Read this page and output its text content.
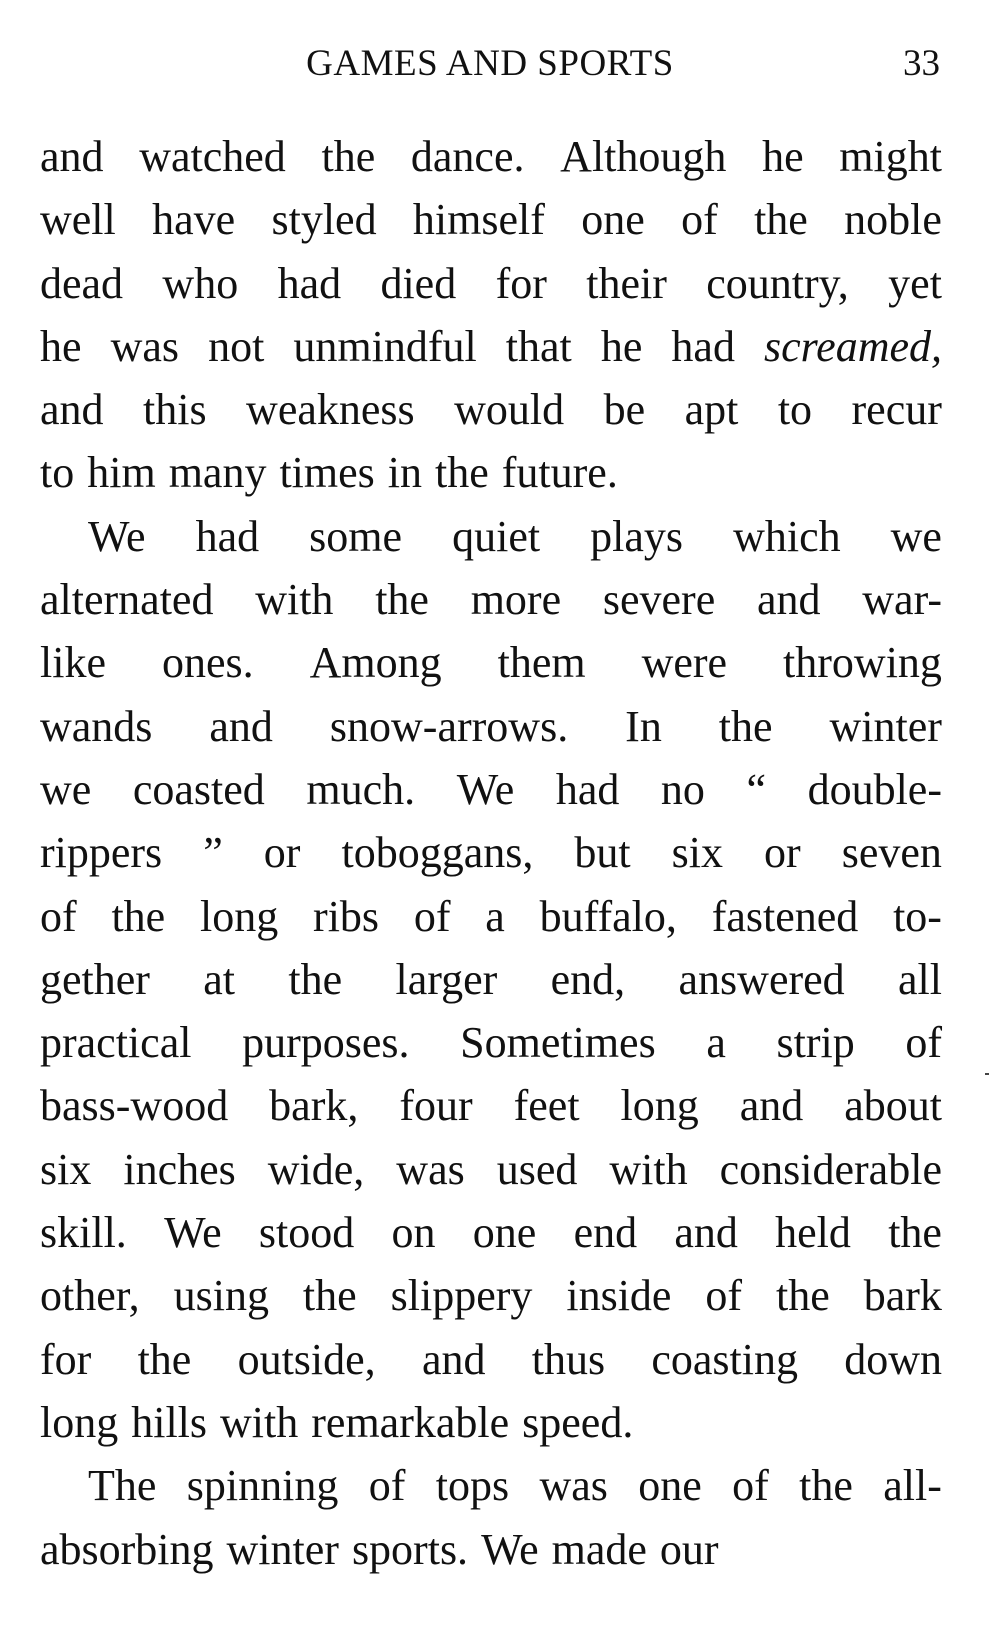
GAMES AND SPORTS	33
and watched the dance. Although he might
well have styled himself one of the noble
dead who had died for their country, yet
he was not unmindful that he had screamed,
and this weakness would be apt to recur
to him many times in the future.
We had some quiet plays which we
alternated with the more severe and war-
like ones. Among them were throwing
wands and snow-arrows. In the winter
we coasted much. We had no “ double-
rippers ” or toboggans, but six or seven
of the long ribs of a buffalo, fastened to-
gether at the larger end, answered all
practical purposes. Sometimes a strip of
bass-wood bark, four feet long and about
six inches wide, was used with considerable
skill. We stood on one end and held the
other, using the slippery inside of the bark
for the outside, and thus coasting down
long hills with remarkable speed.
The spinning of tops was one of the all-
absorbing winter sports. We made our
